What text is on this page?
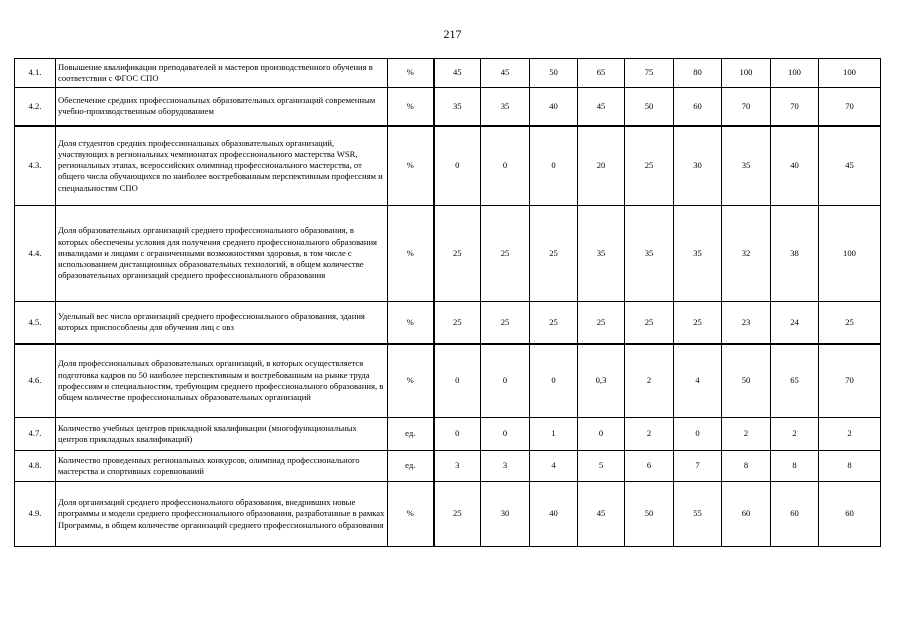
217
4.1.	Повышение квалификации преподавателей и мастеров производственного обучения в соответствии с ФГОС СПО	%	45	45	50	65	75	80	100	100	100
4.2.	Обеспечение средних профессиональных образовательных организаций современным учебно-производственным оборудованием	%	35	35	40	45	50	60	70	70	70
4.3.	Доля студентов средних профессиональных образовательных организаций, участвующих в региональных чемпионатах профессионального мастерства WSR, региональных этапах, всероссийских олимпиад профессионального мастерства, от общего числа обучающихся по наиболее востребованным перспективным профессиям и специальностям СПО	%	0	0	0	20	25	30	35	40	45
4.4.	Доля образовательных организаций среднего профессионального образования, в которых обеспечены условия для получения среднего профессионального образования инвалидами и лицами с ограниченными возможностями здоровья, в том числе с использованием дистанционных образовательных технологий, в общем количестве образовательных организаций среднего профессионального образования	%	25	25	25	35	35	35	32	38	100
4.5.	Удельный вес числа организаций среднего профессионального образования, здания которых приспособлены для обучения лиц с овз	%	25	25	25	25	25	25	23	24	25
4.6.	Доля профессиональных образовательных организаций, в которых осуществляется подготовка кадров по 50 наиболее перспективным и востребованным на рынке труда профессиям и специальностям, требующим среднего профессионального образования, в общем количестве профессиональных образовательных организаций	%	0	0	0	0,3	2	4	50	65	70
4.7.	Количество учебных центров прикладной квалификации (многофункциональных центров прикладных квалификаций)	ед.	0	0	1	0	2	0	2	2	2
4.8.	Количество проведенных региональных конкурсов, олимпиад профессионального мастерства и спортивных соревнований	ед.	3	3	4	5	6	7	8	8	8
4.9.	Доля организаций среднего профессионального образования, внедривших новые программы и модели среднего профессионального образования, разработанные в рамках Программы, в общем количестве организаций среднего профессионального образования	%	25	30	40	45	50	55	60	60	60
